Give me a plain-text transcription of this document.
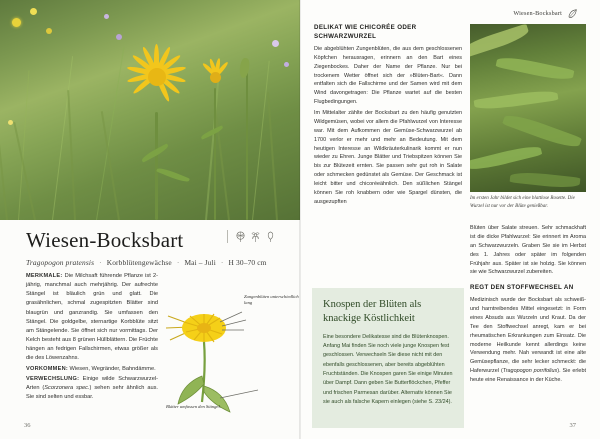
Wiesen-Bocksbart
Tragopogon pratensis · Korbblütengewächse · Mai – Juli · H 30–70 cm

MERKMALE: Die Milchsaft führende Pflanze ist 2-jährig, manchmal auch mehrjährig. Der aufrechte Stängel ist bläulich grün und glatt. Die grasähnlichen, schmal zugespitzten Blätter sind blaugrün und ganzrandig. Sie umfassen den Stängel. Die goldgelbe, sternartige Korbblüte sitzt am Stängelende. Sie öffnet sich nur vormittags. Der Kelch besteht aus 8 grünen Hüllblättern. Die Früchte hängen an fedrigen Fallschirmen, etwas größer als die des Löwenzahns.

VORKOMMEN: Wiesen, Wegränder, Bahndämme.

VERWECHSLUNG: Einige wilde Schwarzwurzel-Arten (Scorzonera spec.) sehen sehr ähnlich aus. Sie sind selten und essbar.

Zungenblüten unterschiedlich lang
Blätter umfassen den Stängel.
36
Wiesen-Bocksbart
DELIKAT WIE CHICORÉE ODER SCHWARZWURZEL

Die abgeblühten Zungenblüten, die aus dem geschlossenen Köpfchen herausragen, erinnern an den Bart eines Ziegenbockes. Daher der Name der Pflanze. Nur bei trockenem Wetter öffnet sich der »Blüten-Bart«. Dann entfalten sich die Fallschirme und der Samen wird mit dem Wind davongetragen: Die Pflanze wartet auf die besten Flugbedingungen.

Im Mittelalter zählte der Bocksbart zu den häufig genutzten Wildgemüsen, wobei vor allem die Pfahlwurzel von Interesse war. Mit dem Aufkommen der Gemüse-Schwarzwurzel ab 1700 verlor er mehr und mehr an Bedeutung. Mit dem heutigen Interesse an Wildkräuterkulinarik kommt er nun wieder zu Ehren. Junge Blätter und Triebspitzen können Sie bis zur Blütezeit ernten. Sie passen sehr gut roh in Salate oder schmecken gedünstet als Gemüse. Der Geschmack ist leicht bitter und chicoréeähnlich. Den süßlichen Stängel können Sie roh knabbern oder wie Spargel dünsten, die ausgezupften

Im ersten Jahr bildet sich eine blattlose Rosette. Die Wurzel ist nur vor der Blüte genießbar.

Blüten über Salate streuen. Sehr schmackhaft ist die dicke Pfahlwurzel: Sie erinnert im Aroma an Schwarzwurzeln. Graben Sie sie im Herbst des 1. Jahres oder später im folgenden Frühjahr aus. Später ist sie holzig. Sie können sie wie Schwarzwurzel zubereiten.

REGT DEN STOFFWECHSEL AN

Medizinisch wurde der Bocksbart als schweiß- und harntreibendes Mittel eingesetzt: in Form eines Absuds aus Wurzeln und Kraut. Da der Tee den Stoffwechsel anregt, kam er bei rheumatischen Erkrankungen zum Einsatz. Die moderne Heilkunde kennt allerdings keine Verwendung mehr. Nah verwandt ist eine alte Gemüsepflanze, die sehr lecker schmeckt: die Haferwurzel (Tragopogon porrifolius). Sie erlebt heute eine Renaissance in der Küche.

Knospen der Blüten als knackige Köstlichkeit

Eine besondere Delikatesse sind die Blütenknospen. Anfang Mai finden Sie noch viele junge Knospen fest geschlossen. Verwechseln Sie diese nicht mit den ebenfalls geschlossenen, aber bereits abgeblühten Fruchtständen. Die Knospen garen Sie einige Minuten über Dampf. Dann geben Sie Butterflöckchen, Pfeffer und frischen Parmesan darüber. Alternativ können Sie sie auch als falsche Kapern einlegen (siehe S. 23/24).

37
